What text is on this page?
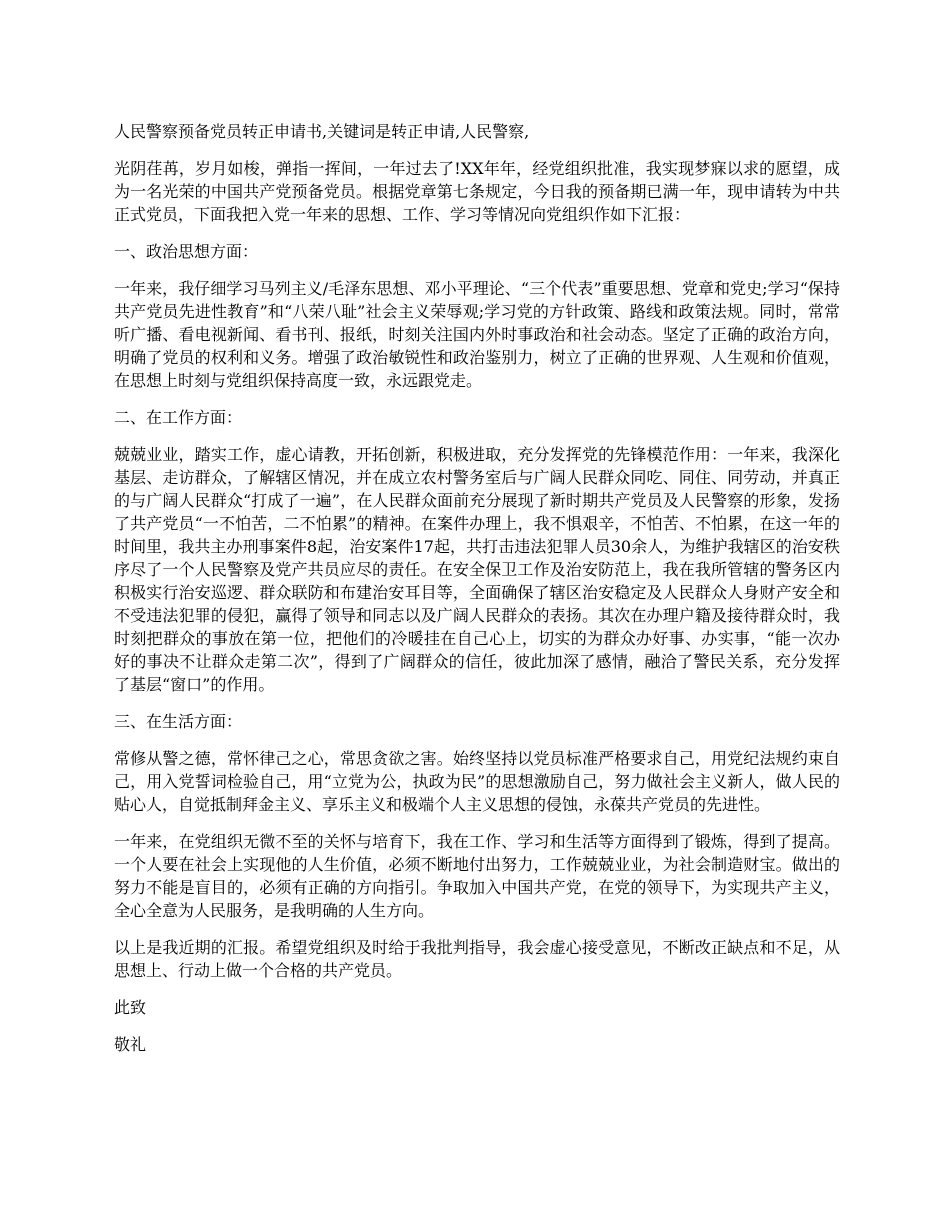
人民警察预备党员转正申请书,关键词是转正申请,人民警察,

光阴荏苒，岁月如梭，弹指一挥间，一年过去了!XX年年，经党组织批准，我实现梦寐以求的愿望，成为一名光荣的中国共产党预备党员。根据党章第七条规定，今日我的预备期已满一年，现申请转为中共正式党员，下面我把入党一年来的思想、工作、学习等情况向党组织作如下汇报：

一、政治思想方面：

一年来，我仔细学习马列主义/毛泽东思想、邓小平理论、“三个代表”重要思想、党章和党史;学习“保持共产党员先进性教育”和“八荣八耻”社会主义荣辱观;学习党的方针政策、路线和政策法规。同时，常常听广播、看电视新闻、看书刊、报纸，时刻关注国内外时事政治和社会动态。坚定了正确的政治方向，明确了党员的权利和义务。增强了政治敏锐性和政治鉴别力，树立了正确的世界观、人生观和价值观，在思想上时刻与党组织保持高度一致，永远跟党走。

二、在工作方面：

兢兢业业，踏实工作，虚心请教，开拓创新，积极进取，充分发挥党的先锋模范作用：一年来，我深化基层、走访群众，了解辖区情况，并在成立农村警务室后与广阔人民群众同吃、同住、同劳动，并真正的与广阔人民群众“打成了一遍”，在人民群众面前充分展现了新时期共产党员及人民警察的形象，发扬了共产党员“一不怕苦，二不怕累”的精神。在案件办理上，我不惧艰辛，不怕苦、不怕累，在这一年的时间里，我共主办刑事案件8起，治安案件17起，共打击违法犯罪人员30余人，为维护我辖区的治安秩序尽了一个人民警察及党产共员应尽的责任。在安全保卫工作及治安防范上，我在我所管辖的警务区内积极实行治安巡逻、群众联防和布建治安耳目等，全面确保了辖区治安稳定及人民群众人身财产安全和不受违法犯罪的侵犯，赢得了领导和同志以及广阔人民群众的表扬。其次在办理户籍及接待群众时，我时刻把群众的事放在第一位，把他们的冷暖挂在自己心上，切实的为群众办好事、办实事，“能一次办好的事决不让群众走第二次”，得到了广阔群众的信任，彼此加深了感情，融洽了警民关系，充分发挥了基层“窗口”的作用。

三、在生活方面：

常修从警之德，常怀律己之心，常思贪欲之害。始终坚持以党员标准严格要求自己，用党纪法规约束自己，用入党誓词检验自己，用“立党为公，执政为民”的思想激励自己，努力做社会主义新人，做人民的贴心人，自觉抵制拜金主义、享乐主义和极端个人主义思想的侵蚀，永葆共产党员的先进性。

一年来，在党组织无微不至的关怀与培育下，我在工作、学习和生活等方面得到了锻炼，得到了提高。一个人要在社会上实现他的人生价值，必须不断地付出努力，工作兢兢业业，为社会制造财宝。做出的努力不能是盲目的，必须有正确的方向指引。争取加入中国共产党，在党的领导下，为实现共产主义，全心全意为人民服务，是我明确的人生方向。

以上是我近期的汇报。希望党组织及时给于我批判指导，我会虚心接受意见，不断改正缺点和不足，从思想上、行动上做一个合格的共产党员。

此致

敬礼
